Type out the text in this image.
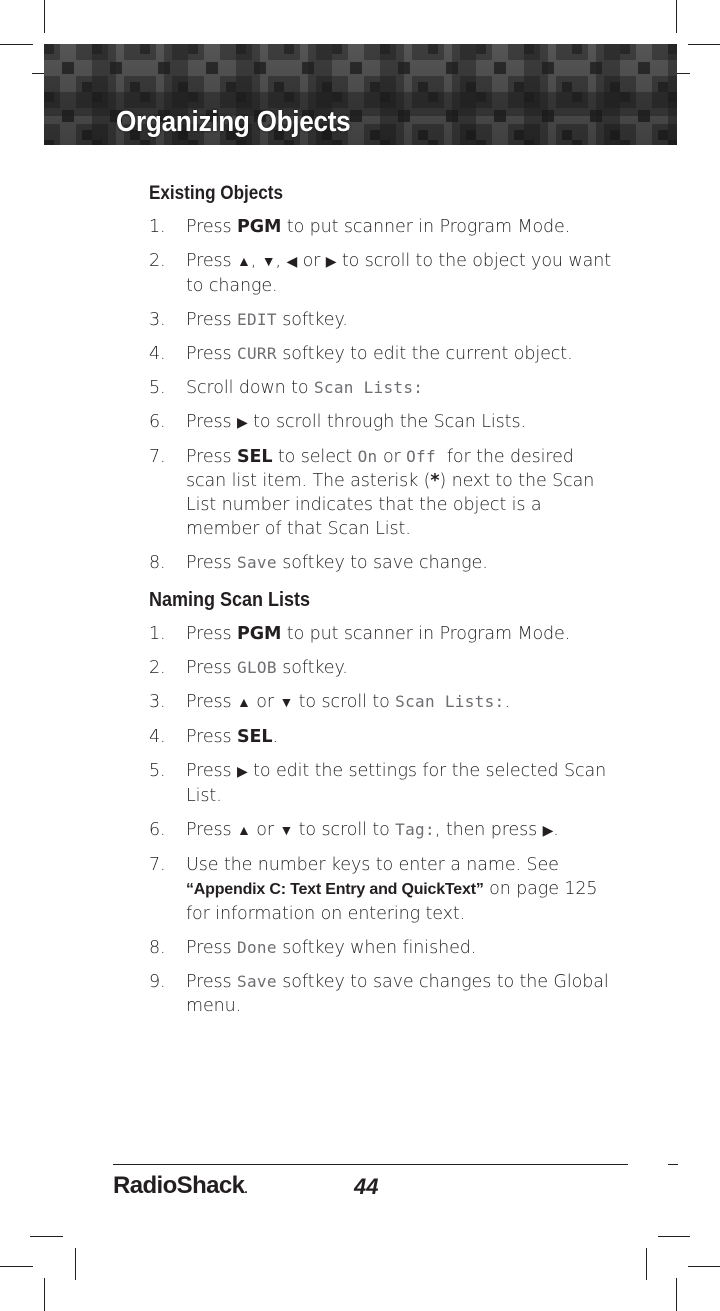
Organizing Objects
Existing Objects
1. Press PGM to put scanner in Program Mode.
2. Press ▲, ▼, ◀ or ▶ to scroll to the object you want to change.
3. Press EDIT softkey.
4. Press CURR softkey to edit the current object.
5. Scroll down to Scan Lists:
6. Press ▶ to scroll through the Scan Lists.
7. Press SEL to select On or Off  for the desired scan list item. The asterisk (*) next to the Scan List number indicates that the object is a member of that Scan List.
8. Press Save softkey to save change.
Naming Scan Lists
1. Press PGM to put scanner in Program Mode.
2. Press GLOB softkey.
3. Press ▲ or ▼ to scroll to Scan Lists:.
4. Press SEL.
5. Press ▶ to edit the settings for the selected Scan List.
6. Press ▲ or ▼ to scroll to Tag:, then press ▶.
7. Use the number keys to enter a name. See “Appendix C: Text Entry and QuickText” on page 125 for information on entering text.
8. Press Done softkey when finished.
9. Press Save softkey to save changes to the Global menu.
RadioShack.	44
